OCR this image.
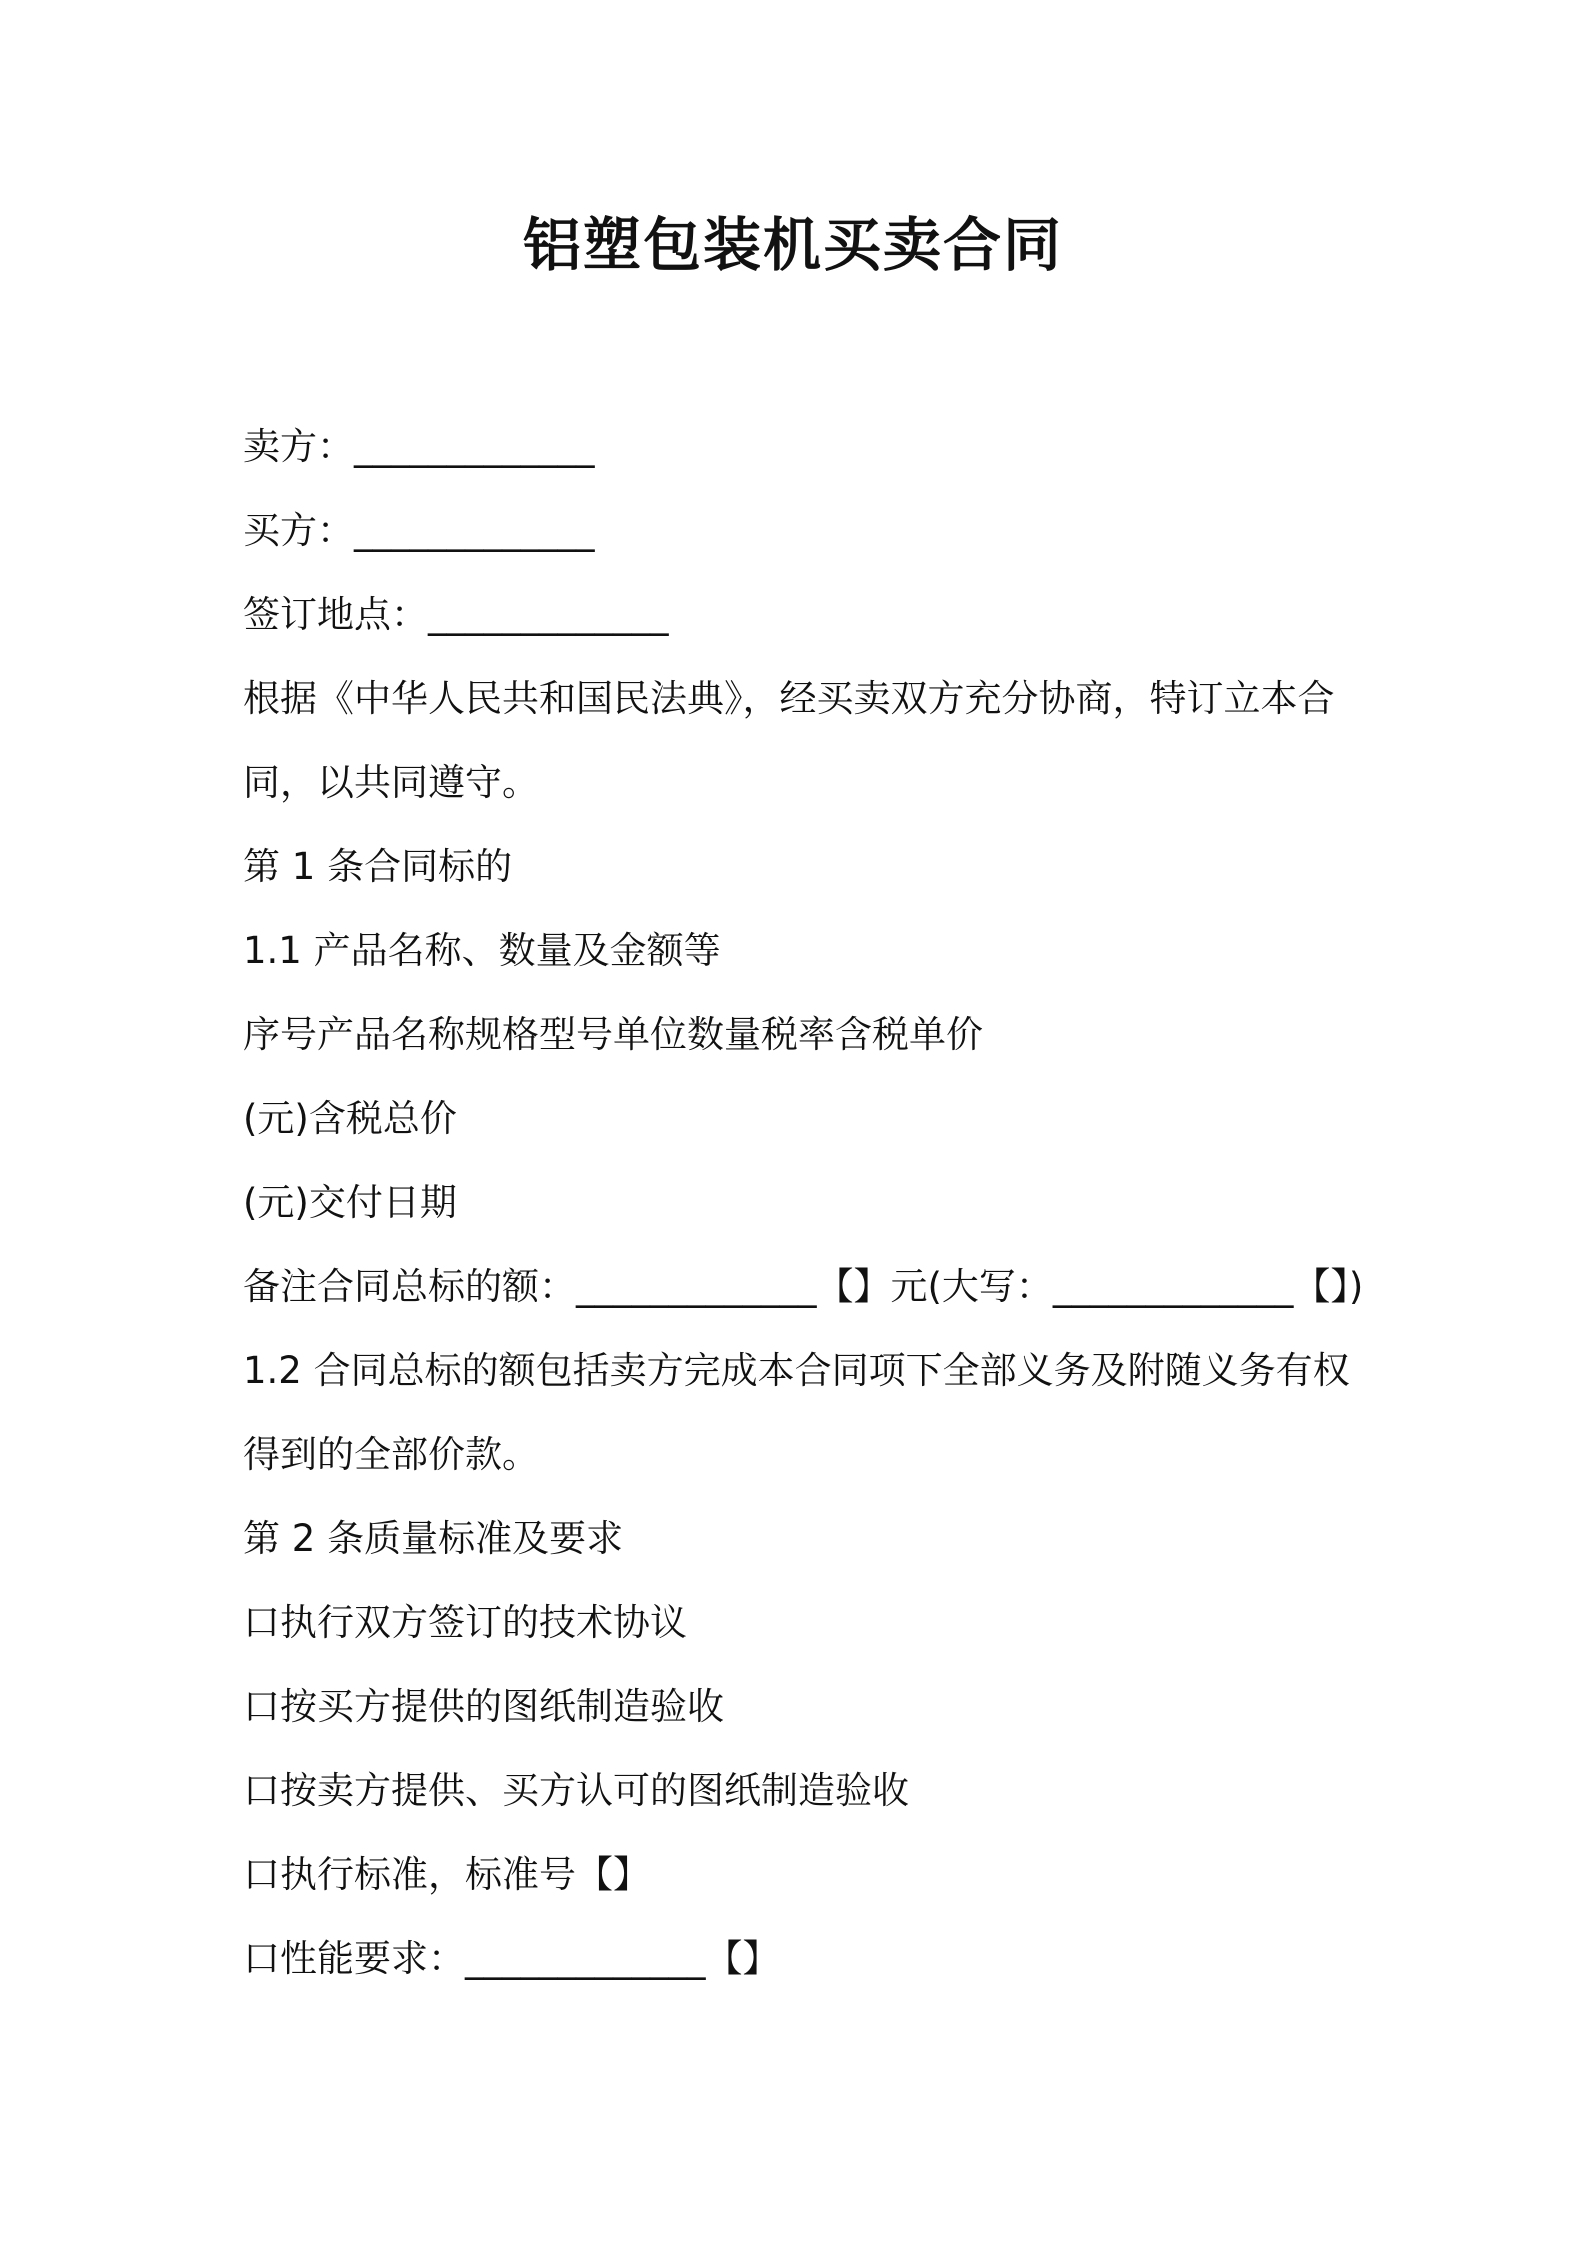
铝塑包装机买卖合同

卖方：_____________

买方：_____________

签订地点：_____________

根据《中华人民共和国民法典》，经买卖双方充分协商，特订立本合

同，以共同遵守。

第 1 条合同标的

1.1 产品名称、数量及金额等

序号产品名称规格型号单位数量税率含税单价

(元)含税总价

(元)交付日期

备注合同总标的额：_____________【】元(大写：_____________【】)

1.2 合同总标的额包括卖方完成本合同项下全部义务及附随义务有权

得到的全部价款。

第 2 条质量标准及要求

口执行双方签订的技术协议

口按买方提供的图纸制造验收

口按卖方提供、买方认可的图纸制造验收

口执行标准，标准号【】

口性能要求：_____________【】
